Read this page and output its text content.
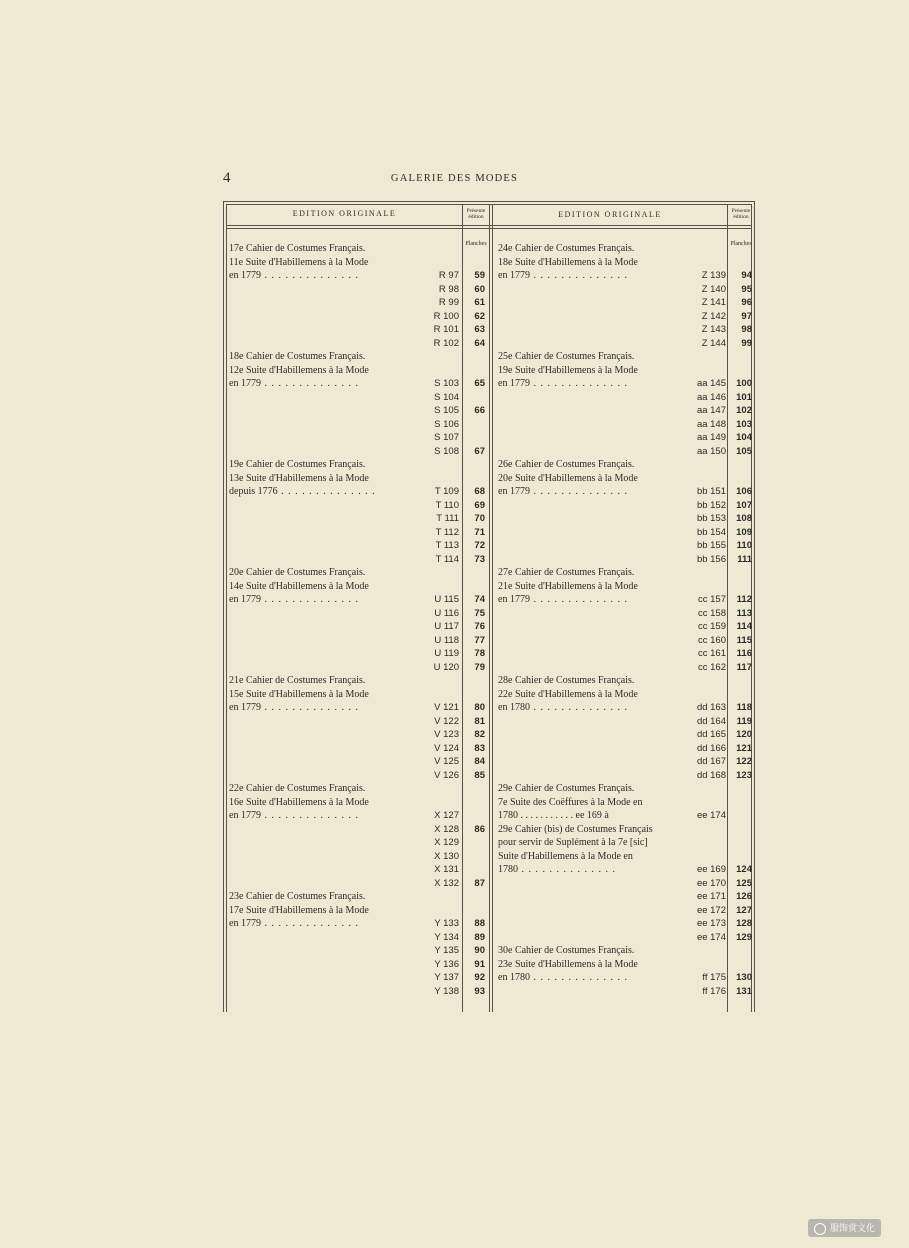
4	GALERIE DES MODES
EDITION ORIGINALE	Présente édition	EDITION ORIGINALE	Présente édition
Planches	Planches
17e Cahier de Costumes Français.
11e Suite d'Habillemens à la Mode
en 1779 . . .	R 97 59
R 98 60
R 99 61
R 100 62
R 101 63
R 102 64
18e Cahier de Costumes Français.
12e Suite d'Habillemens à la Mode
en 1779 . . .	S 103 65
S 104
S 105 66
S 106
S 107
S 108 67
19e Cahier de Costumes Français.
13e Suite d'Habillemens à la Mode
depuis 1776 . . .	T 109 68
T 110 69
T 111 70
T 112 71
T 113 72
T 114 73
20e Cahier de Costumes Français.
14e Suite d'Habillemens à la Mode
en 1779 . . .	U 115 74
U 116 75
U 117 76
U 118 77
U 119 78
U 120 79
21e Cahier de Costumes Français.
15e Suite d'Habillemens à la Mode
en 1779 . . .	V 121 80
V 122 81
V 123 82
V 124 83
V 125 84
V 126 85
22e Cahier de Costumes Français.
16e Suite d'Habillemens à la Mode
en 1779 . . .	X 127
X 128 86
X 129
X 130
X 131
X 132 87
23e Cahier de Costumes Français.
17e Suite d'Habillemens à la Mode
en 1779 . . .	Y 133 88
Y 134 89
Y 135 90
Y 136 91
Y 137 92
Y 138 93
24e Cahier de Costumes Français.
18e Suite d'Habillemens à la Mode
en 1779 . . .	Z 139 94
Z 140 95
Z 141 96
Z 142 97
Z 143 98
Z 144 99
25e Cahier de Costumes Français.
19e Suite d'Habillemens à la Mode
en 1779 . . .	aa 145 100
aa 146 101
aa 147 102
aa 148 103
aa 149 104
aa 150 105
26e Cahier de Costumes Français.
20e Suite d'Habillemens à la Mode
en 1779 . . .	bb 151 106
bb 152 107
bb 153 108
bb 154 109
bb 155 110
bb 156 111
27e Cahier de Costumes Français.
21e Suite d'Habillemens à la Mode
en 1779 . . .	cc 157 112
cc 158 113
cc 159 114
cc 160 115
cc 161 116
cc 162 117
28e Cahier de Costumes Français.
22e Suite d'Habillemens à la Mode
en 1780 . . .	dd 163 118
dd 164 119
dd 165 120
dd 166 121
dd 167 122
dd 168 123
29e Cahier de Costumes Français.
7e Suite des Coëffures à la Mode en
1780 . . . . . . . . . . . ee 169 à	ee 174
29e Cahier (bis) de Costumes Français
pour servir de Suplément à la 7e [sic]
Suite d'Habillemens à la Mode en
1780 . . .	ee 169 124
ee 170 125
ee 171 126
ee 172 127
ee 173 128
ee 174 129
30e Cahier de Costumes Français.
23e Suite d'Habillemens à la Mode
en 1780 . . .	ff 175 130
ff 176 131
服饰赏文化
